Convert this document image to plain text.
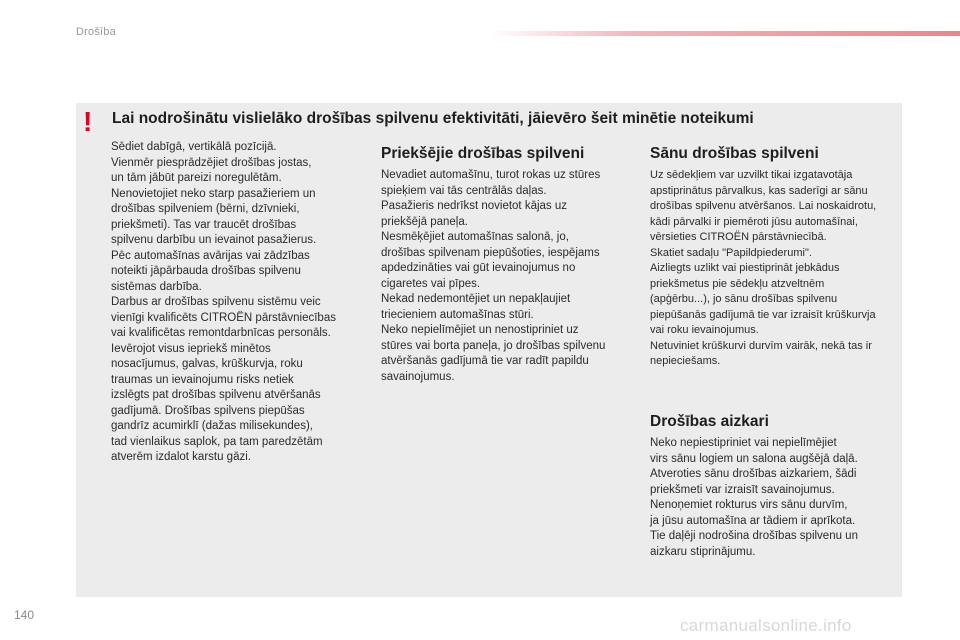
Drošība
! Lai nodrošinātu vislielāko drošības spilvenu efektivitāti, jāievēro šeit minētie noteikumi
Sēdiet dabīgā, vertikālā pozīcijā.
Vienmēr piesprādzējiet drošības jostas,
un tām jābūt pareizi noregulētām.
Nenovietojiet neko starp pasažieriem un
drošības spilveniem (bērni, dzīvnieki,
priekšmeti). Tas var traucēt drošības
spilvenu darbību un ievainot pasažierus.
Pēc automašīnas avārijas vai zādzības
noteikti jāpārbauda drošības spilvenu
sistēmas darbība.
Darbus ar drošības spilvenu sistēmu veic
vienīgi kvalificēts CITROËN pārstāvniecības
vai kvalificētas remontdarbnīcas personāls.
Ievērojot visus iepriekš minētos
nosacījumus, galvas, krūškurvja, roku
traumas un ievainojumu risks netiek
izslēgts pat drošības spilvenu atvēršanās
gadījumā. Drošības spilvens piepūšas
gandrīz acumirklī (dažas milisekundes),
tad vienlaikus saplok, pa tam paredzētām
atverēm izdalot karstu gāzi.
Priekšējie drošības spilveni
Nevadiet automašīnu, turot rokas uz stūres
spieķiem vai tās centrālās daļas.
Pasažieris nedrīkst novietot kājas uz
priekšējā paneļa.
Nesmēķējiet automašīnas salonā, jo,
drošības spilvenam piepūšoties, iespējams
apdedzināties vai gūt ievainojumus no
cigaretes vai pīpes.
Nekad nedemontējiet un nepakļaujiet
triecieniem automašīnas stūri.
Neko nepielīmējiet un nenostipriniet uz
stūres vai borta paneļa, jo drošības spilvenu
atvēršanās gadījumā tie var radīt papildu
savainojumus.
Sānu drošības spilveni
Uz sēdekļiem var uzvilkt tikai izgatavotāja
apstiprinātus pārvalkus, kas saderīgi ar sānu
drošības spilvenu atvēršanos. Lai noskaidrotu,
kādi pārvalki ir piemēroti jūsu automašīnai,
vērsieties CITROËN pārstāvniecībā.
Skatiet sadaļu "Papildpiederumi".
Aizliegts uzlikt vai piestiprināt jebkādus
priekšmetus pie sēdekļu atzveltnēm
(apģērbu...), jo sānu drošības spilvenu
piepūšanās gadījumā tie var izraisīt krūškurvja
vai roku ievainojumus.
Netuviniet krūškurvi durvīm vairāk, nekā tas ir
nepieciešams.
Drošības aizkari
Neko nepiestipriniet vai nepielīmējiet
virs sānu logiem un salona augšējā daļā.
Atveroties sānu drošības aizkariem, šādi
priekšmeti var izraisīt savainojumus.
Nenoņemiet rokturus virs sānu durvīm,
ja jūsu automašīna ar tādiem ir aprīkota.
Tie daļēji nodrošina drošības spilvenu un
aizkaru stiprinājumu.
140
carmanualsonline.info
